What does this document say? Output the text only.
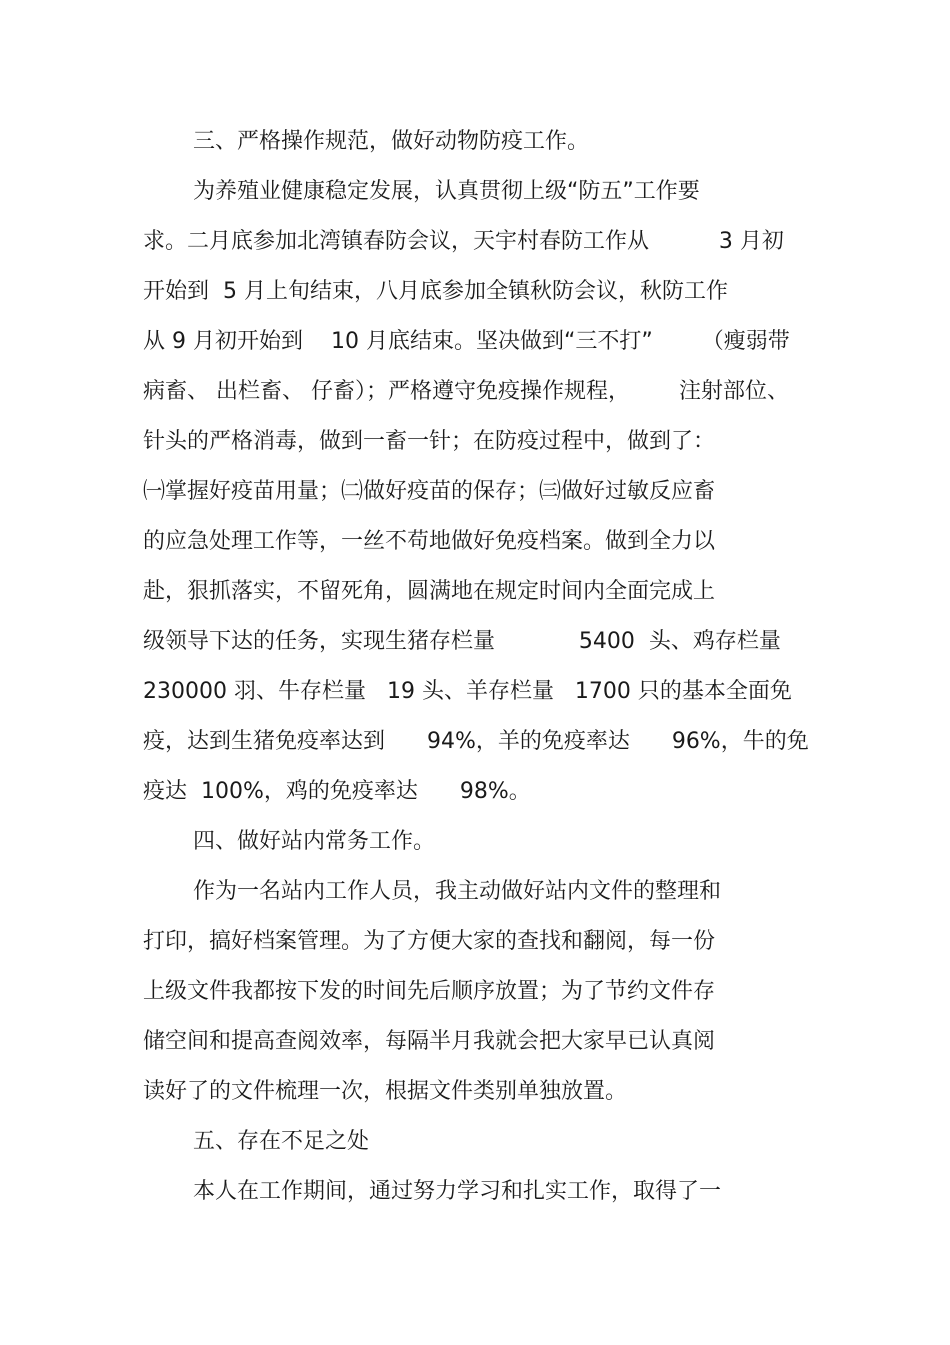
三、严格操作规范，做好动物防疫工作。
为养殖业健康稳定发展，认真贯彻上级“防五”工作要
求。二月底参加北湾镇春防会议，天宇村春防工作从          3 月初
开始到  5 月上旬结束，八月底参加全镇秋防会议，秋防工作
从 9 月初开始到    10 月底结束。坚决做到“三不打”       （瘦弱带
病畜、 出栏畜、 仔畜）；严格遵守免疫操作规程，       注射部位、
针头的严格消毒，做到一畜一针；在防疫过程中，做到了：
㈠掌握好疫苗用量；㈡做好疫苗的保存；㈢做好过敏反应畜
的应急处理工作等，一丝不苟地做好免疫档案。做到全力以
赴，狠抓落实，不留死角，圆满地在规定时间内全面完成上
级领导下达的任务，实现生猪存栏量            5400  头、鸡存栏量
230000 羽、牛存栏量   19 头、羊存栏量   1700 只的基本全面免
疫，达到生猪免疫率达到      94%，羊的免疫率达      96%，牛的免
疫达  100%，鸡的免疫率达      98%。
四、做好站内常务工作。
作为一名站内工作人员，我主动做好站内文件的整理和
打印，搞好档案管理。为了方便大家的查找和翻阅，每一份
上级文件我都按下发的时间先后顺序放置；为了节约文件存
储空间和提高查阅效率，每隔半月我就会把大家早已认真阅
读好了的文件梳理一次，根据文件类别单独放置。
五、存在不足之处
本人在工作期间，通过努力学习和扎实工作，取得了一
